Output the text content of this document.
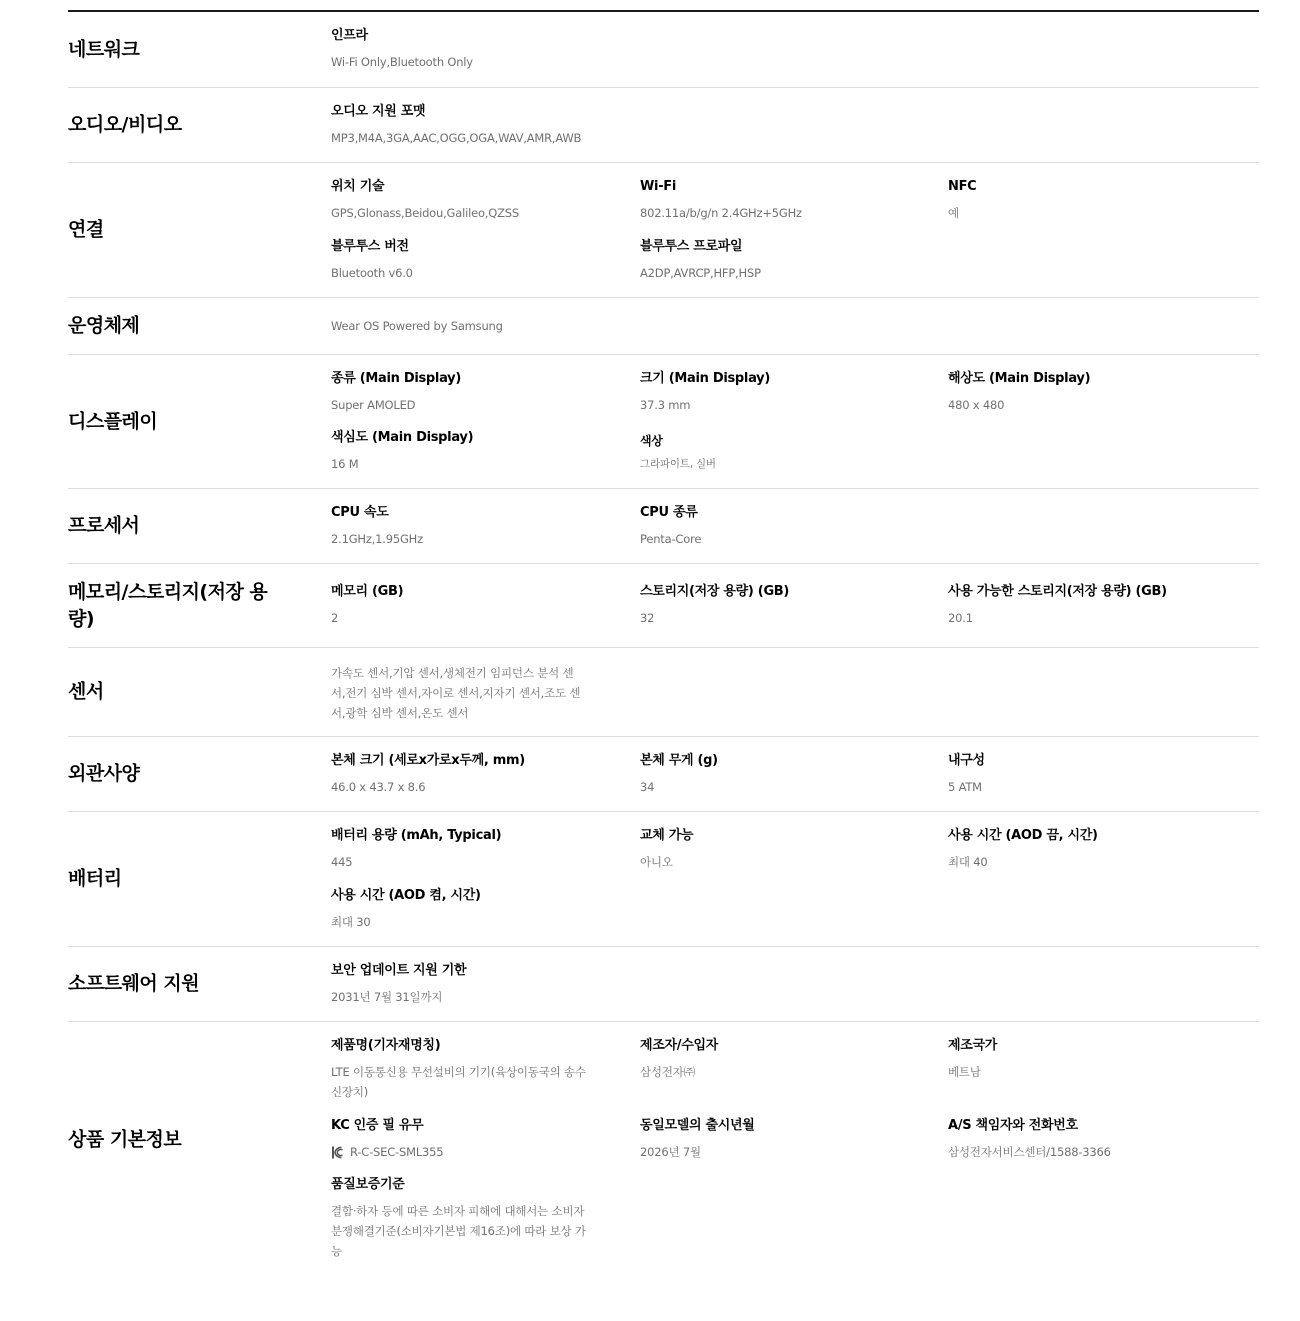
네트워크
인프라
Wi-Fi Only,Bluetooth Only
오디오/비디오
오디오 지원 포맷
MP3,M4A,3GA,AAC,OGG,OGA,WAV,AMR,AWB
연결
위치 기술
GPS,Glonass,Beidou,Galileo,QZSS
Wi-Fi
802.11a/b/g/n 2.4GHz+5GHz
NFC
예
블루투스 버전
Bluetooth v6.0
블루투스 프로파일
A2DP,AVRCP,HFP,HSP
운영체제	Wear OS Powered by Samsung
디스플레이
종류 (Main Display)
Super AMOLED
크기 (Main Display)
37.3 mm
해상도 (Main Display)
480 x 480
색심도 (Main Display)
16 M
색상
그라파이트, 실버
프로세서
CPU 속도
2.1GHz,1.95GHz
CPU 종류
Penta-Core
메모리/스토리지(저장 용량)
메모리 (GB)
2
스토리지(저장 용량) (GB)
32
사용 가능한 스토리지(저장 용량) (GB)
20.1
센서
가속도 센서,기압 센서,생체전기 임피던스 분석 센서,전기 심박 센서,자이로 센서,지자기 센서,조도 센서,광학 심박 센서,온도 센서
외관사양
본체 크기 (세로x가로x두께, mm)
46.0 x 43.7 x 8.6
본체 무게 (g)
34
내구성
5 ATM
배터리
배터리 용량 (mAh, Typical)
445
교체 가능
아니오
사용 시간 (AOD 끔, 시간)
최대 40
사용 시간 (AOD 켬, 시간)
최대 30
소프트웨어 지원
보안 업데이트 지원 기한
2031년 7월 31일까지
상품 기본정보
제품명(기자재명칭)
LTE 이동통신용 무선설비의 기기(육상이동국의 송수신장치)
제조자/수입자
삼성전자㈜
제조국가
베트남
KC 인증 필 유무
R-C-SEC-SML355
동일모델의 출시년월
2026년 7월
A/S 책임자와 전화번호
삼성전자서비스센터/1588-3366
품질보증기준
결함·하자 등에 따른 소비자 피해에 대해서는 소비자분쟁해결기준(소비자기본법 제16조)에 따라 보상 가능
